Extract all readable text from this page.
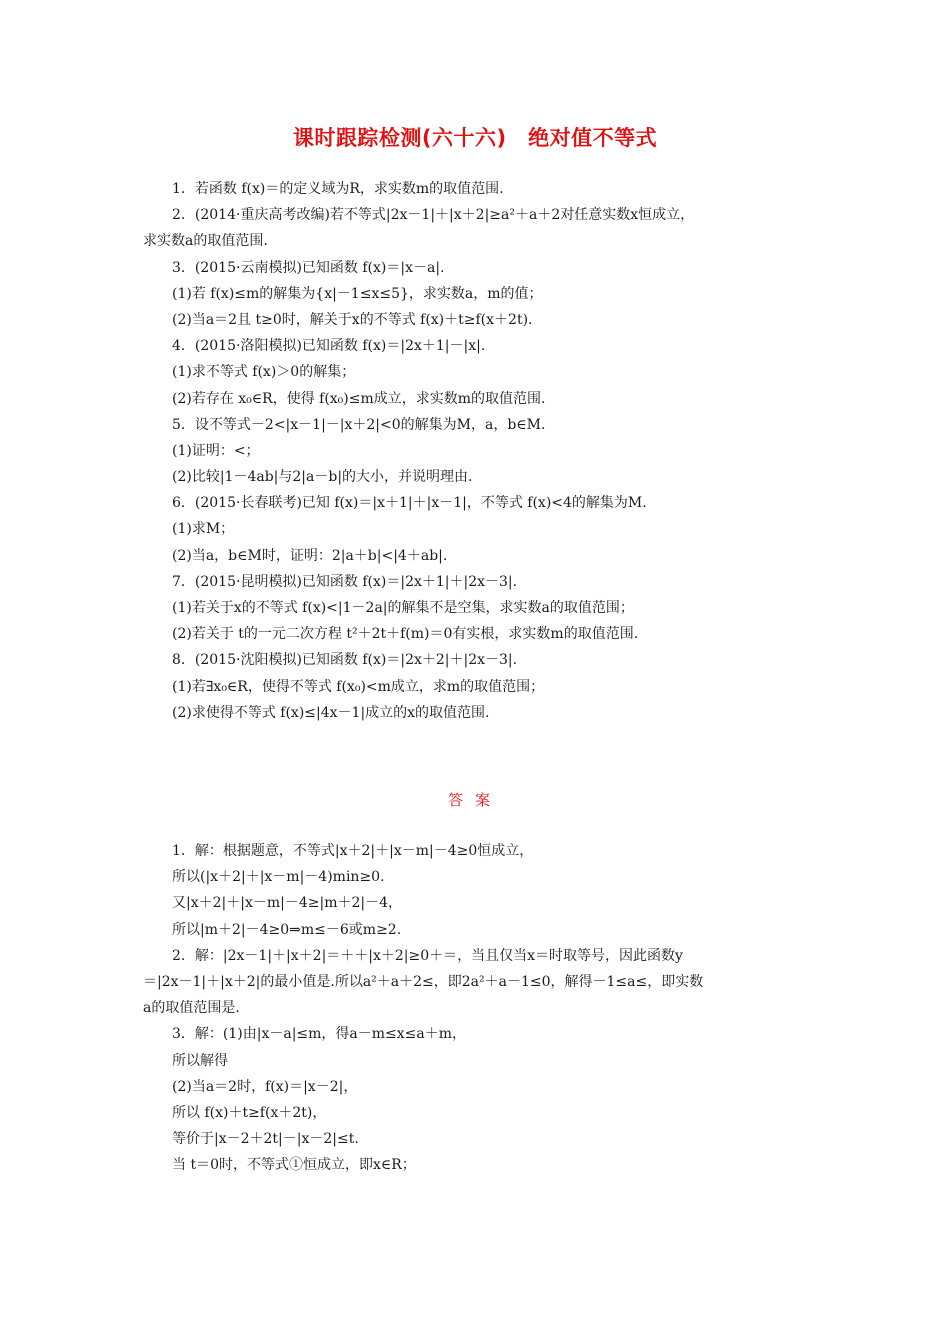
课时跟踪检测(六十六)　绝对值不等式
1．若函数 f(x)＝的定义域为R，求实数m的取值范围.
2．(2014·重庆高考改编)若不等式|2x－1|＋|x＋2|≥a²＋a＋2对任意实数x恒成立，
求实数a的取值范围.
3．(2015·云南模拟)已知函数 f(x)＝|x－a|.
(1)若 f(x)≤m的解集为{x|－1≤x≤5}，求实数a，m的值；
(2)当a＝2且 t≥0时，解关于x的不等式 f(x)＋t≥f(x＋2t).
4．(2015·洛阳模拟)已知函数 f(x)＝|2x＋1|－|x|.
(1)求不等式 f(x)＞0的解集；
(2)若存在 x₀∈R，使得 f(x₀)≤m成立，求实数m的取值范围.
5．设不等式－2<|x－1|－|x＋2|<0的解集为M，a，b∈M.
(1)证明：<；
(2)比较|1－4ab|与2|a－b|的大小，并说明理由.
6．(2015·长春联考)已知 f(x)＝|x＋1|＋|x－1|，不等式 f(x)<4的解集为M.
(1)求M；
(2)当a，b∈M时，证明：2|a＋b|<|4＋ab|.
7．(2015·昆明模拟)已知函数 f(x)＝|2x＋1|＋|2x－3|.
(1)若关于x的不等式 f(x)<|1－2a|的解集不是空集，求实数a的取值范围；
(2)若关于 t的一元二次方程 t²＋2t＋f(m)＝0有实根，求实数m的取值范围.
8．(2015·沈阳模拟)已知函数 f(x)＝|2x＋2|＋|2x－3|.
(1)若∃x₀∈R，使得不等式 f(x₀)<m成立，求m的取值范围；
(2)求使得不等式 f(x)≤|4x－1|成立的x的取值范围.
答案
1．解：根据题意，不等式|x＋2|＋|x－m|－4≥0恒成立，
所以(|x＋2|＋|x－m|－4)min≥0.
又|x＋2|＋|x－m|－4≥|m＋2|－4，
所以|m＋2|－4≥0⇒m≤－6或m≥2.
2．解：|2x－1|＋|x＋2|＝＋＋|x＋2|≥0＋＝，当且仅当x＝时取等号，因此函数y
＝|2x－1|＋|x＋2|的最小值是.所以a²＋a＋2≤，即2a²＋a－1≤0，解得－1≤a≤，即实数
a的取值范围是.
3．解：(1)由|x－a|≤m，得a－m≤x≤a＋m，
所以解得
(2)当a＝2时，f(x)＝|x－2|，
所以 f(x)＋t≥f(x＋2t)，
等价于|x－2＋2t|－|x－2|≤t.
当 t＝0时，不等式①恒成立，即x∈R；
